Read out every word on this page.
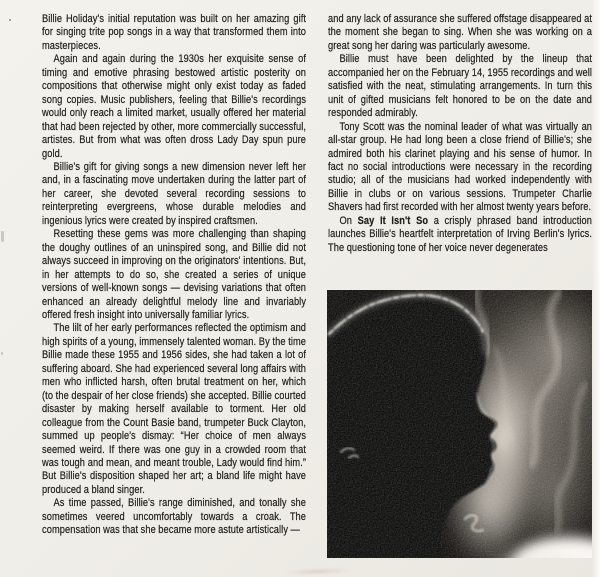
Billie Holiday's initial reputation was built on her amazing gift for singing trite pop songs in a way that transformed them into masterpieces.

Again and again during the 1930s her exquisite sense of timing and emotive phrasing bestowed artistic posterity on compositions that otherwise might only exist today as faded song copies. Music publishers, feeling that Billie's recordings would only reach a limited market, usually offered her material that had been rejected by other, more commercially successful, artistes. But from what was often dross Lady Day spun pure gold.

Billie's gift for giving songs a new dimension never left her and, in a fascinating move undertaken during the latter part of her career, she devoted several recording sessions to reinterpreting evergreens, whose durable melodies and ingenious lyrics were created by inspired craftsmen.

Resetting these gems was more challenging than shaping the doughy outlines of an uninspired song, and Billie did not always succeed in improving on the originators' intentions. But, in her attempts to do so, she created a series of unique versions of well-known songs — devising variations that often enhanced an already delightful melody line and invariably offered fresh insight into universally familiar lyrics.

The lilt of her early performances reflected the optimism and high spirits of a young, immensely talented woman. By the time Billie made these 1955 and 1956 sides, she had taken a lot of suffering aboard. She had experienced several long affairs with men who inflicted harsh, often brutal treatment on her, which (to the despair of her close friends) she accepted. Billie courted disaster by making herself available to torment. Her old colleague from the Count Basie band, trumpeter Buck Clayton, summed up people's dismay: “Her choice of men always seemed weird. If there was one guy in a crowded room that was tough and mean, and meant trouble, Lady would find him.” But Billie's disposition shaped her art; a bland life might have produced a bland singer.

As time passed, Billie's range diminished, and tonally she sometimes veered uncomfortably towards a croak. The compensation was that she became more astute artistically —

and any lack of assurance she suffered offstage disappeared at the moment she began to sing. When she was working on a great song her daring was particularly awesome.

Billie must have been delighted by the lineup that accompanied her on the February 14, 1955 recordings and well satisfied with the neat, stimulating arrangements. In turn this unit of gifted musicians felt honored to be on the date and responded admirably.

Tony Scott was the nominal leader of what was virtually an all-star group. He had long been a close friend of Billie's; she admired both his clarinet playing and his sense of humor. In fact no social introductions were necessary in the recording studio; all of the musicians had worked independently with Billie in clubs or on various sessions. Trumpeter Charlie Shavers had first recorded with her almost twenty years before.

On Say It Isn't So a crisply phrased band introduction launches Billie's heartfelt interpretation of Irving Berlin's lyrics. The questioning tone of her voice never degenerates
